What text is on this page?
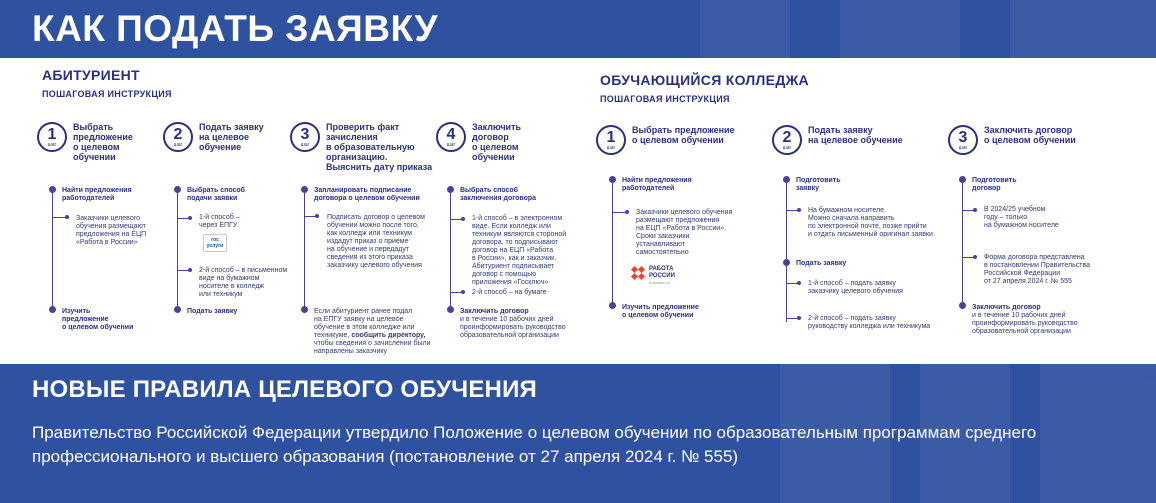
КАК ПОДАТЬ ЗАЯВКУ
АБИТУРИЕНТ
ПОШАГОВАЯ ИНСТРУКЦИЯ
1
шаг
Выбрать
предложение
о целевом
обучении
2
шаг
Подать заявку
на целевое
обучение
3
шаг
Проверить факт
зачисления
в образовательную
организацию.
Выяснить дату приказа
4
шаг
Заключить
договор
о целевом
обучении
Найти предложения
работодателей
Заказчики целевого
обучения размещают
предложения на ЕЦП
«Работа в России»
Изучить
предложение
о целевом обучении
Выбрать способ
подачи заявки
1-й способ –
через ЕПГУ
гос
услуги
2-й способ – в письменном
виде на бумажном
носителе в колледж
или техникум
Подать заявку
Запланировать подписание
договора о целевом обучении
Подписать договор о целевом
обучении можно после того,
как колледж или техникум
издадут приказ о приеме
на обучение и передадут
сведения из этого приказа
заказчику целевого обучения
Если абитуриент ранее подал
на ЕПГУ заявку на целевое
обучение в этом колледже или
техникуме, сообщить директору,
чтобы сведения о зачислении были
направлены заказчику
Выбрать способ
заключения договора
1-й способ – в электронном
виде. Если колледж или
техникум являются стороной
договора, то подписывают
договор на ЕЦП «Работа
в России», как и заказчик.
Абитуриент подписывает
договор с помощью
приложения «Госключ»
2-й способ – на бумаге
Заключить договор
и в течение 10 рабочих дней
проинформировать руководство
образовательной организации
ОБУЧАЮЩИЙСЯ КОЛЛЕДЖА
ПОШАГОВАЯ ИНСТРУКЦИЯ
1
шаг
Выбрать предложение
о целевом обучении	2
шаг
Подать заявку
на целевое обучение	3
шаг
Заключить договор
о целевом обучении
Найти предложения
работодателей
Заказчики целевого обучения
размещают предложения
на ЕЦП «Работа в России».
Сроки заказчики
устанавливают
самостоятельно
РАБОТА
РОССИИ
trudvsem.ru
Изучить предложение
о целевом обучении
Подготовить
заявку
На бумажном носителе.
Можно сначала направить
по электронной почте, позже прийти
и отдать письменный оригинал заявки
Подать заявку
1-й способ – подать заявку
заказчику целевого обучения
2-й способ – подать заявку
руководству колледжа или техникума
Подготовить
договор
В 2024/25 учебном
году – только
на бумажном носителе
Форма договора представлена
в постановлении Правительства
Российской Федерации
от 27 апреля 2024 г. № 555
Заключить договор
и в течение 10 рабочих дней
проинформировать руководство
образовательной организации
НОВЫЕ ПРАВИЛА ЦЕЛЕВОГО ОБУЧЕНИЯ
Правительство Российской Федерации утвердило Положение о целевом обучении по образовательным программам среднего профессионального и высшего образования (постановление от 27 апреля 2024 г. № 555)
